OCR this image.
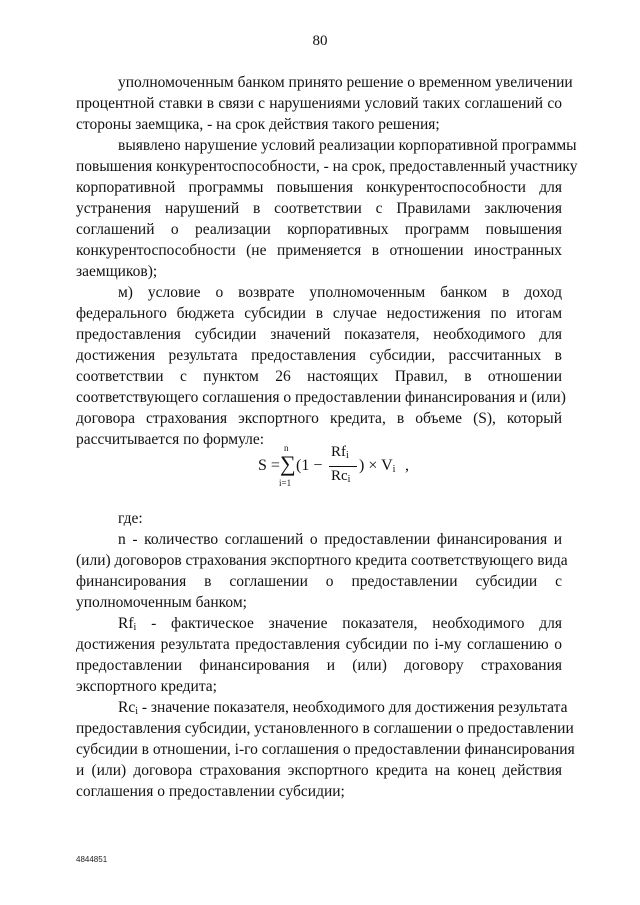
80
уполномоченным банком принято решение о временном увеличении
процентной ставки в связи с нарушениями условий таких соглашений со
стороны заемщика, - на срок действия такого решения;
выявлено нарушение условий реализации корпоративной программы
повышения конкурентоспособности, - на срок, предоставленный участнику
корпоративной программы повышения конкурентоспособности для
устранения нарушений в соответствии с Правилами заключения
соглашений о реализации корпоративных программ повышения
конкурентоспособности (не применяется в отношении иностранных
заемщиков);
м) условие о возврате уполномоченным банком в доход
федерального бюджета субсидии в случае недостижения по итогам
предоставления субсидии значений показателя, необходимого для
достижения результата предоставления субсидии, рассчитанных в
соответствии с пунктом 26 настоящих Правил, в отношении
соответствующего соглашения о предоставлении финансирования и (или)
договора страхования экспортного кредита, в объеме (S), который
рассчитывается по формуле:
S =
n
∑
i=1
(1 −
$Rf_i$
$Rc_i$
) × $V_i$ ,
где:
n - количество соглашений о предоставлении финансирования и
(или) договоров страхования экспортного кредита соответствующего вида
финансирования в соглашении о предоставлении субсидии с
уполномоченным банком;
$Rf_i$ - фактическое значение показателя, необходимого для
достижения результата предоставления субсидии по i-му соглашению о
предоставлении финансирования и (или) договору страхования
экспортного кредита;
$Rc_i$ - значение показателя, необходимого для достижения результата
предоставления субсидии, установленного в соглашении о предоставлении
субсидии в отношении, i-го соглашения о предоставлении финансирования
и (или) договора страхования экспортного кредита на конец действия
соглашения о предоставлении субсидии;
4844851
